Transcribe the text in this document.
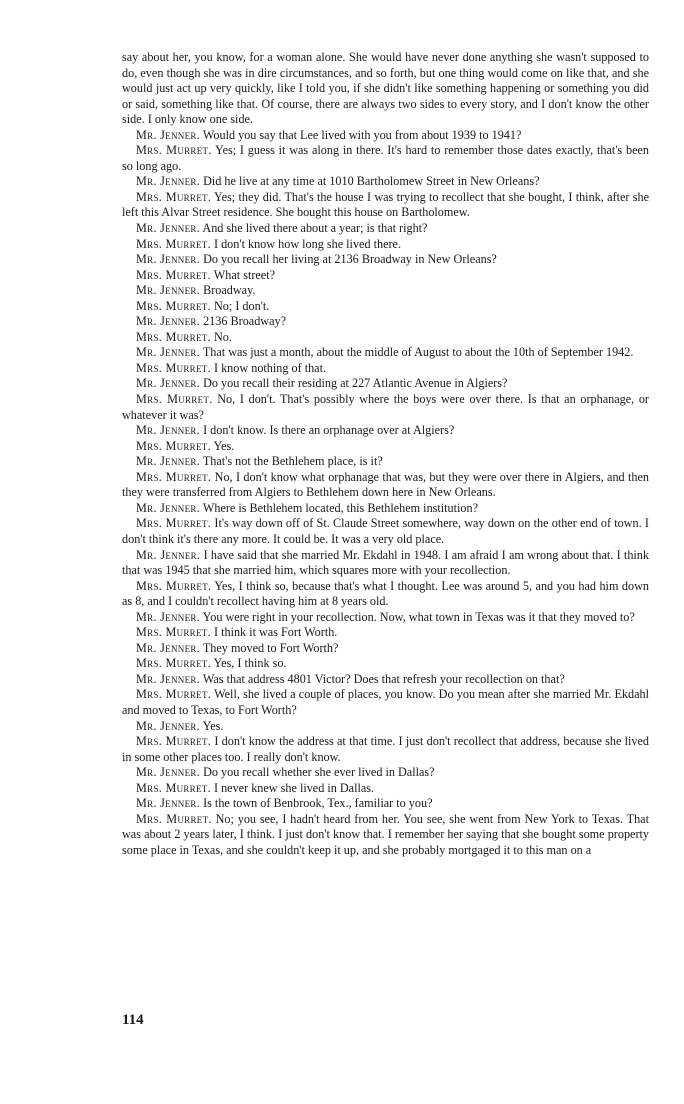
say about her, you know, for a woman alone. She would have never done anything she wasn't supposed to do, even though she was in dire circumstances, and so forth, but one thing would come on like that, and she would just act up very quickly, like I told you, if she didn't like something happening or something you did or said, something like that. Of course, there are always two sides to every story, and I don't know the other side. I only know one side.

Mr. Jenner. Would you say that Lee lived with you from about 1939 to 1941?

Mrs. Murret. Yes; I guess it was along in there. It's hard to remember those dates exactly, that's been so long ago.

Mr. Jenner. Did he live at any time at 1010 Bartholomew Street in New Orleans?

Mrs. Murret. Yes; they did. That's the house I was trying to recollect that she bought, I think, after she left this Alvar Street residence. She bought this house on Bartholomew.

Mr. Jenner. And she lived there about a year; is that right?

Mrs. Murret. I don't know how long she lived there.

Mr. Jenner. Do you recall her living at 2136 Broadway in New Orleans?

Mrs. Murret. What street?

Mr. Jenner. Broadway.

Mrs. Murret. No; I don't.

Mr. Jenner. 2136 Broadway?

Mrs. Murret. No.

Mr. Jenner. That was just a month, about the middle of August to about the 10th of September 1942.

Mrs. Murret. I know nothing of that.

Mr. Jenner. Do you recall their residing at 227 Atlantic Avenue in Algiers?

Mrs. Murret. No, I don't. That's possibly where the boys were over there. Is that an orphanage, or whatever it was?

Mr. Jenner. I don't know. Is there an orphanage over at Algiers?

Mrs. Murret. Yes.

Mr. Jenner. That's not the Bethlehem place, is it?

Mrs. Murret. No, I don't know what orphanage that was, but they were over there in Algiers, and then they were transferred from Algiers to Bethlehem down here in New Orleans.

Mr. Jenner. Where is Bethlehem located, this Bethlehem institution?

Mrs. Murret. It's way down off of St. Claude Street somewhere, way down on the other end of town. I don't think it's there any more. It could be. It was a very old place.

Mr. Jenner. I have said that she married Mr. Ekdahl in 1948. I am afraid I am wrong about that. I think that was 1945 that she married him, which squares more with your recollection.

Mrs. Murret. Yes, I think so, because that's what I thought. Lee was around 5, and you had him down as 8, and I couldn't recollect having him at 8 years old.

Mr. Jenner. You were right in your recollection. Now, what town in Texas was it that they moved to?

Mrs. Murret. I think it was Fort Worth.

Mr. Jenner. They moved to Fort Worth?

Mrs. Murret. Yes, I think so.

Mr. Jenner. Was that address 4801 Victor? Does that refresh your recollection on that?

Mrs. Murret. Well, she lived a couple of places, you know. Do you mean after she married Mr. Ekdahl and moved to Texas, to Fort Worth?

Mr. Jenner. Yes.

Mrs. Murret. I don't know the address at that time. I just don't recollect that address, because she lived in some other places too. I really don't know.

Mr. Jenner. Do you recall whether she ever lived in Dallas?

Mrs. Murret. I never knew she lived in Dallas.

Mr. Jenner. Is the town of Benbrook, Tex., familiar to you?

Mrs. Murret. No; you see, I hadn't heard from her. You see, she went from New York to Texas. That was about 2 years later, I think. I just don't know that. I remember her saying that she bought some property some place in Texas, and she couldn't keep it up, and she probably mortgaged it to this man on a

114
